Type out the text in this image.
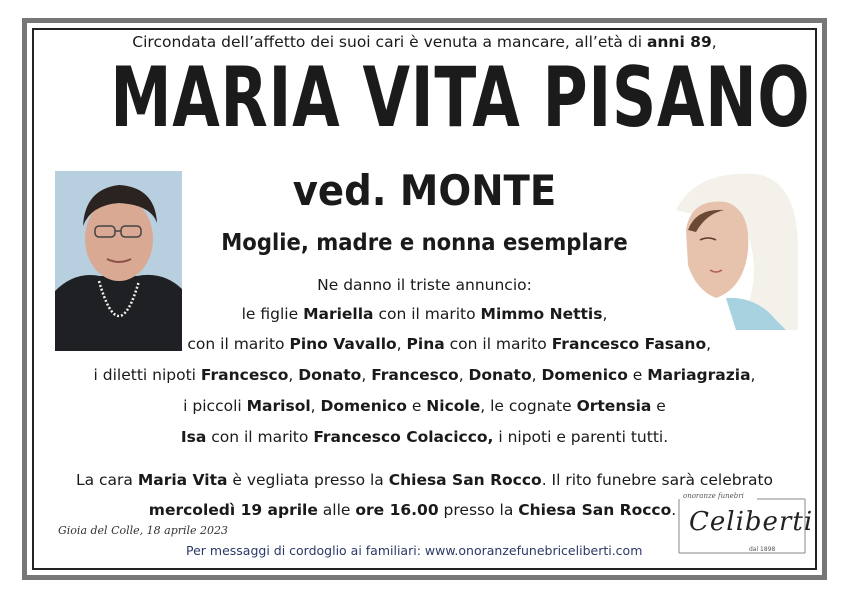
Circondata dell’affetto dei suoi cari è venuta a mancare, all’età di anni 89,
MARIA VITA PISANO
ved. MONTE
Moglie, madre e nonna esemplare
Ne danno il triste annuncio:
le figlie Mariella con il marito Mimmo Nettis,
con il marito Pino Vavallo, Pina con il marito Francesco Fasano,
i diletti nipoti Francesco, Donato, Francesco, Donato, Domenico e Mariagrazia,
i piccoli Marisol, Domenico e Nicole, le cognate Ortensia e
Isa con il marito Francesco Colacicco, i nipoti e parenti tutti.
La cara Maria Vita è vegliata presso la Chiesa San Rocco. Il rito funebre sarà celebrato
mercoledì 19 aprile alle ore 16.00 presso la Chiesa San Rocco.
Gioia del Colle, 18 aprile 2023
Per messaggi di cordoglio ai familiari: www.onoranzefunebriceliberti.com
onoranze funebri
Celiberti
dal 1898
